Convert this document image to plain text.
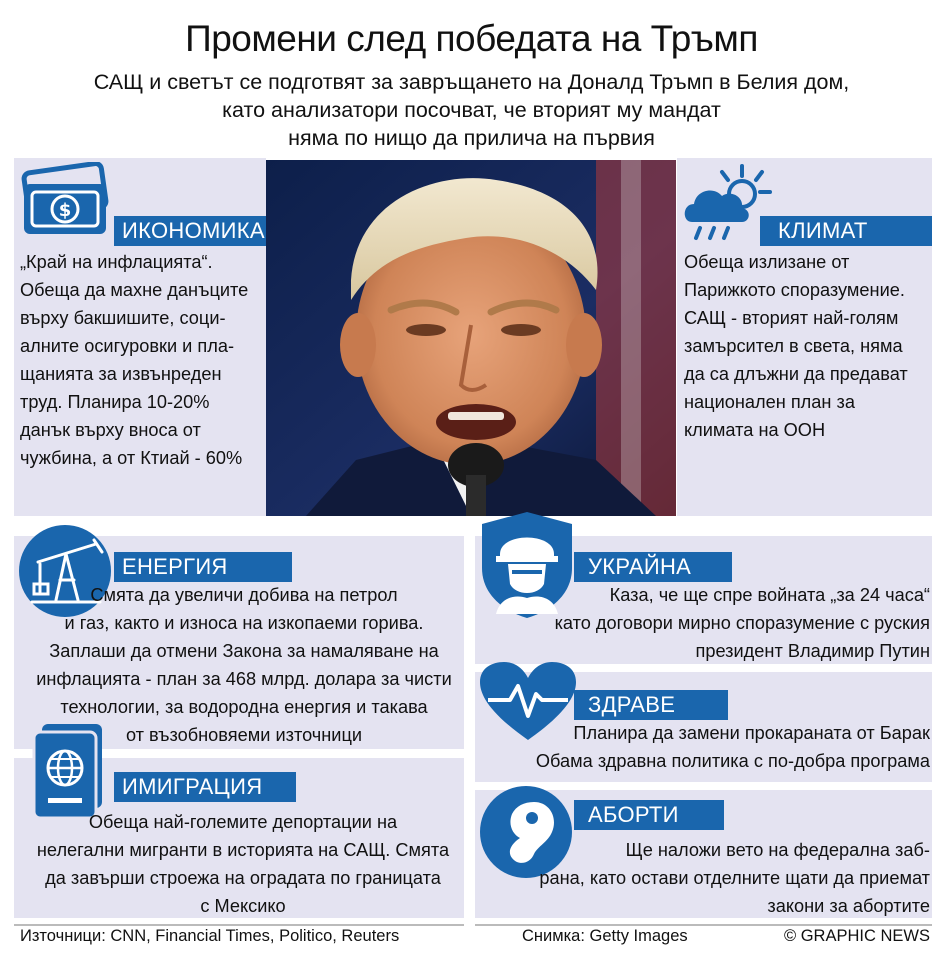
Промени след победата на Тръмп
САЩ и светът се подготвят за завръщането на Доналд Тръмп в Белия дом,
като анализатори посочват, че вторият му мандат
няма по нищо да прилича на първия
$
ИКОНОМИКА
„Край на инфлацията“.
Обеща да махне данъците
върху бакшишите, соци-
алните осигуровки и пла-
щанията за извънреден
труд. Планира 10-20%
данък върху вноса от
чужбина, а от Ктиай - 60%
КЛИМАТ
Обеща излизане от
Парижкото споразумение.
САЩ - вторият най-голям
замърсител в света, няма
да са длъжни да предават
национален план за
климата на ООН
ЕНЕРГИЯ
Смята да увеличи добива на петрол
и газ, както и износа на изкопаеми горива.
Заплаши да отмени Закона за намаляване на
инфлацията - план за 468 млрд. долара за чисти
технологии, за водородна енергия и такава
от възобновяеми източници
ИМИГРАЦИЯ
Обеща най-големите депортации на
нелегални мигранти в историята на САЩ. Смята
да завърши строежа на оградата по границата
с Мексико
УКРАЙНА
Каза, че ще спре войната „за 24 часа“
като договори мирно споразумение с руския
президент Владимир Путин
ЗДРАВЕ
Планира да замени прокараната от Барак
Обама здравна политика с по-добра програма
АБОРТИ
Ще наложи вето на федерална заб-
рана, като остави отделните щати да приемат
закони за абортите
Източници: CNN, Financial Times, Politico, Reuters	Снимка: Getty Images	© GRAPHIC NEWS
